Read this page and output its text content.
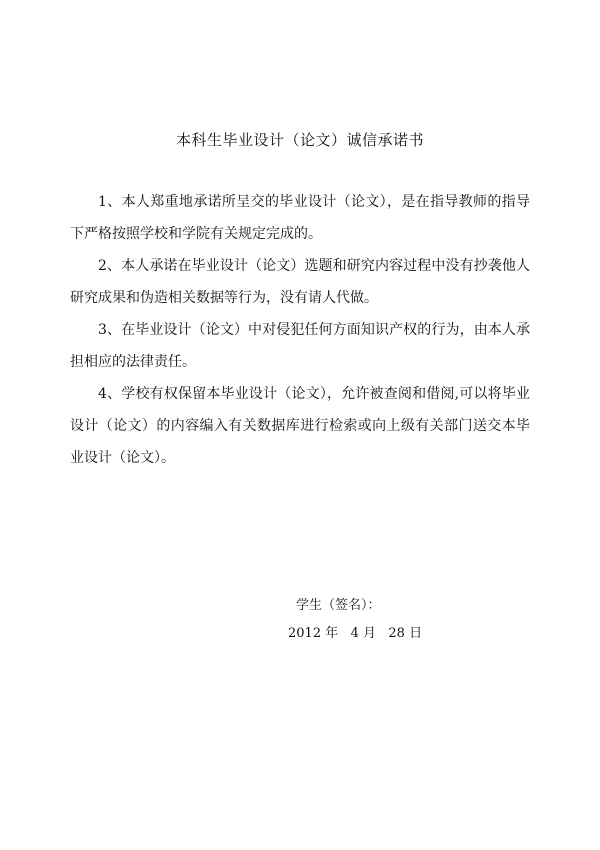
本科生毕业设计（论文）诚信承诺书

1、本人郑重地承诺所呈交的毕业设计（论文），是在指导教师的指导下严格按照学校和学院有关规定完成的。

2、本人承诺在毕业设计（论文）选题和研究内容过程中没有抄袭他人研究成果和伪造相关数据等行为，没有请人代做。

3、在毕业设计（论文）中对侵犯任何方面知识产权的行为，由本人承担相应的法律责任。

4、学校有权保留本毕业设计（论文），允许被查阅和借阅,可以将毕业设计（论文）的内容编入有关数据库进行检索或向上级有关部门送交本毕业设计（论文）。

学生（签名）：
2012 年   4 月   28 日
